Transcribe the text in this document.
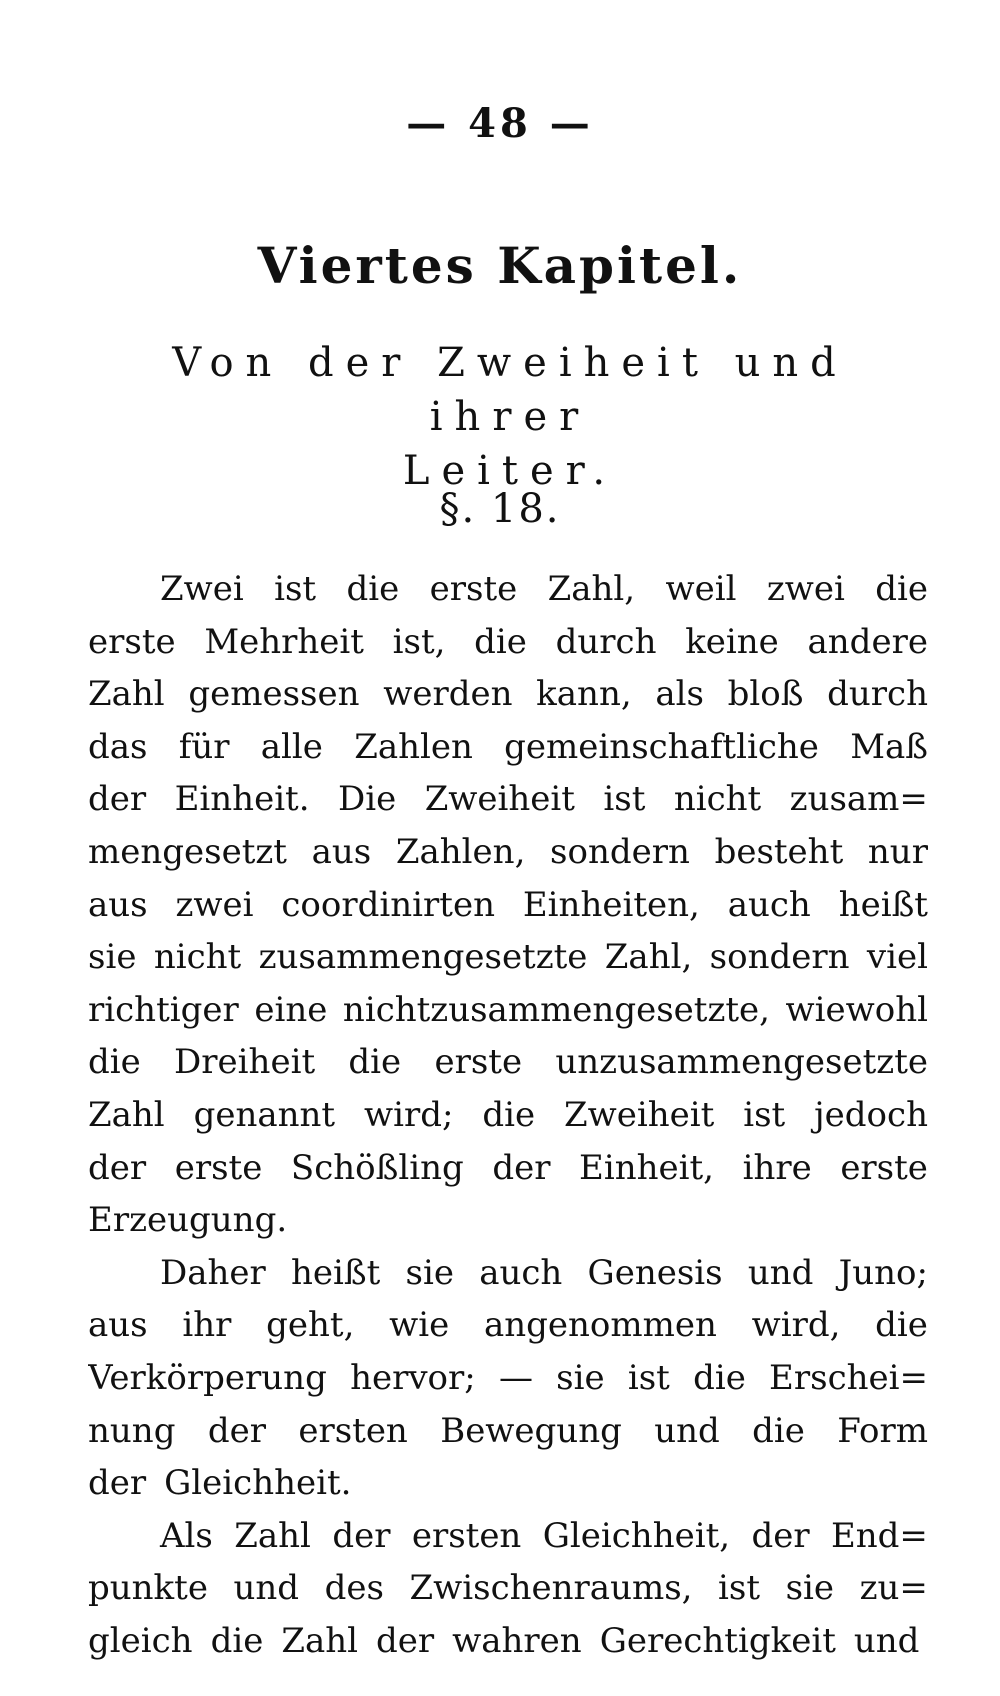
— 48 —
Viertes Kapitel.
Von der Zweiheit und ihrer
Leiter.
§. 18.
Zwei ist die erste Zahl, weil zwei die
erste Mehrheit ist, die durch keine andere
Zahl gemessen werden kann, als bloß durch
das für alle Zahlen gemeinschaftliche Maß
der Einheit. Die Zweiheit ist nicht zusam=
mengesetzt aus Zahlen, sondern besteht nur
aus zwei coordinirten Einheiten, auch heißt
sie nicht zusammengesetzte Zahl, sondern viel
richtiger eine nichtzusammengesetzte, wiewohl
die Dreiheit die erste unzusammengesetzte
Zahl genannt wird; die Zweiheit ist jedoch
der erste Schößling der Einheit, ihre erste
Erzeugung.
Daher heißt sie auch Genesis und Juno;
aus ihr geht, wie angenommen wird, die
Verkörperung hervor; — sie ist die Erschei=
nung der ersten Bewegung und die Form
der Gleichheit.
Als Zahl der ersten Gleichheit, der End=
punkte und des Zwischenraums, ist sie zu=
gleich die Zahl der wahren Gerechtigkeit und
